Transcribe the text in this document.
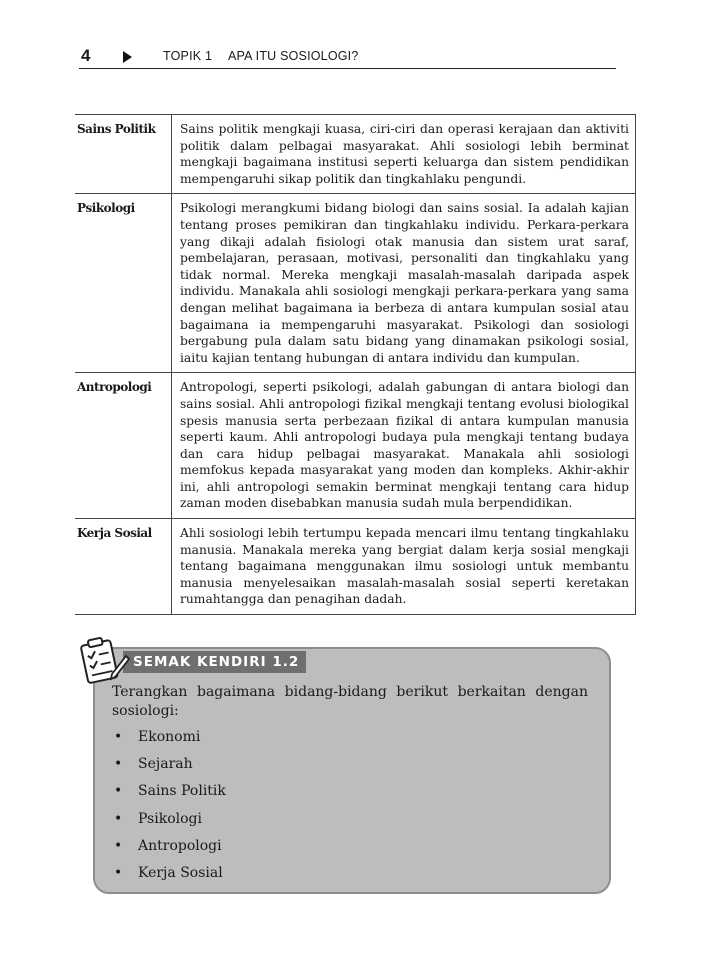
4	TOPIK 1 APA ITU SOSIOLOGI?
Sains Politik	Sains politik mengkaji kuasa, ciri-ciri dan operasi kerajaan dan aktiviti politik dalam pelbagai masyarakat. Ahli sosiologi lebih berminat mengkaji bagaimana institusi seperti keluarga dan sistem pendidikan mempengaruhi sikap politik dan tingkahlaku pengundi.
Psikologi	Psikologi merangkumi bidang biologi dan sains sosial. Ia adalah kajian tentang proses pemikiran dan tingkahlaku individu. Perkara-perkara yang dikaji adalah fisiologi otak manusia dan sistem urat saraf, pembelajaran, perasaan, motivasi, personaliti dan tingkahlaku yang tidak normal. Mereka mengkaji masalah-masalah daripada aspek individu. Manakala ahli sosiologi mengkaji perkara-perkara yang sama dengan melihat bagaimana ia berbeza di antara kumpulan sosial atau bagaimana ia mempengaruhi masyarakat. Psikologi dan sosiologi bergabung pula dalam satu bidang yang dinamakan psikologi sosial, iaitu kajian tentang hubungan di antara individu dan kumpulan.
Antropologi	Antropologi, seperti psikologi, adalah gabungan di antara biologi dan sains sosial. Ahli antropologi fizikal mengkaji tentang evolusi biologikal spesis manusia serta perbezaan fizikal di antara kumpulan manusia seperti kaum. Ahli antropologi budaya pula mengkaji tentang budaya dan cara hidup pelbagai masyarakat. Manakala ahli sosiologi memfokus kepada masyarakat yang moden dan kompleks. Akhir-akhir ini, ahli antropologi semakin berminat mengkaji tentang cara hidup zaman moden disebabkan manusia sudah mula berpendidikan.
Kerja Sosial	Ahli sosiologi lebih tertumpu kepada mencari ilmu tentang tingkahlaku manusia. Manakala mereka yang bergiat dalam kerja sosial mengkaji tentang bagaimana menggunakan ilmu sosiologi untuk membantu manusia menyelesaikan masalah-masalah sosial seperti keretakan rumahtangga dan penagihan dadah.
SEMAK KENDIRI 1.2
Terangkan bagaimana bidang-bidang berikut berkaitan dengan sosiologi:
• Ekonomi
• Sejarah
• Sains Politik
• Psikologi
• Antropologi
• Kerja Sosial
